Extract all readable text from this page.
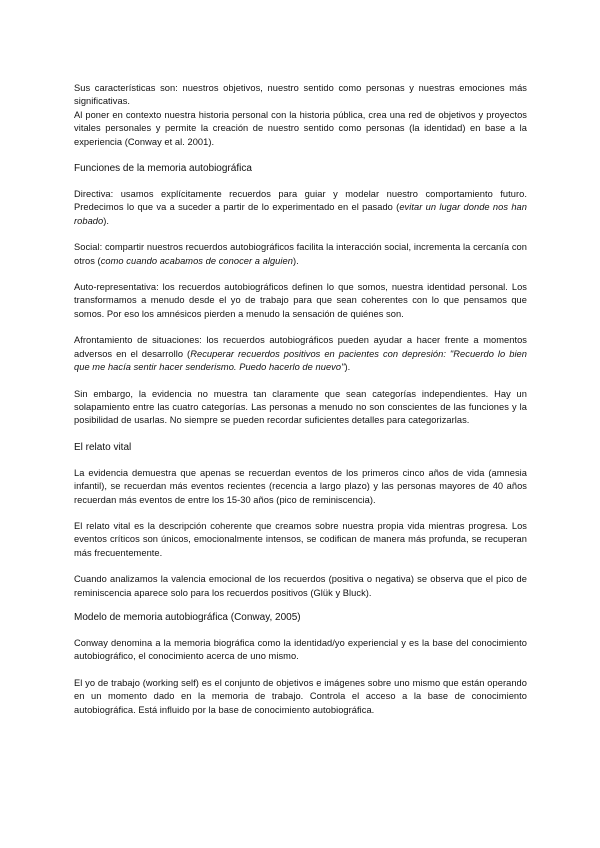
Sus características son: nuestros objetivos, nuestro sentido como personas y nuestras emociones más significativas.

Al poner en contexto nuestra historia personal con la historia pública, crea una red de objetivos y proyectos vitales personales y permite la creación de nuestro sentido como personas (la identidad) en base a la experiencia (Conway et al. 2001).

Funciones de la memoria autobiográfica

Directiva: usamos explícitamente recuerdos para guiar y modelar nuestro comportamiento futuro. Predecimos lo que va a suceder a partir de lo experimentado en el pasado (evitar un lugar donde nos han robado).

Social: compartir nuestros recuerdos autobiográficos facilita la interacción social, incrementa la cercanía con otros (como cuando acabamos de conocer a alguien).

Auto-representativa: los recuerdos autobiográficos definen lo que somos, nuestra identidad personal. Los transformamos a menudo desde el yo de trabajo para que sean coherentes con lo que pensamos que somos. Por eso los amnésicos pierden a menudo la sensación de quiénes son.

Afrontamiento de situaciones: los recuerdos autobiográficos pueden ayudar a hacer frente a momentos adversos en el desarrollo (Recuperar recuerdos positivos en pacientes con depresión: "Recuerdo lo bien que me hacía sentir hacer senderismo. Puedo hacerlo de nuevo").

Sin embargo, la evidencia no muestra tan claramente que sean categorías independientes. Hay un solapamiento entre las cuatro categorías. Las personas a menudo no son conscientes de las funciones y la posibilidad de usarlas. No siempre se pueden recordar suficientes detalles para categorizarlas.

El relato vital

La evidencia demuestra que apenas se recuerdan eventos de los primeros cinco años de vida (amnesia infantil), se recuerdan más eventos recientes (recencia a largo plazo) y las personas mayores de 40 años recuerdan más eventos de entre los 15-30 años (pico de reminiscencia).

El relato vital es la descripción coherente que creamos sobre nuestra propia vida mientras progresa. Los eventos críticos son únicos, emocionalmente intensos, se codifican de manera más profunda, se recuperan más frecuentemente.

Cuando analizamos la valencia emocional de los recuerdos (positiva o negativa) se observa que el pico de reminiscencia aparece solo para los recuerdos positivos (Glük y Bluck).

Modelo de memoria autobiográfica (Conway, 2005)

Conway denomina a la memoria biográfica como la identidad/yo experiencial y es la base del conocimiento autobiográfico, el conocimiento acerca de uno mismo.

El yo de trabajo (working self) es el conjunto de objetivos e imágenes sobre uno mismo que están operando en un momento dado en la memoria de trabajo. Controla el acceso a la base de conocimiento autobiográfica. Está influido por la base de conocimiento autobiográfica.
